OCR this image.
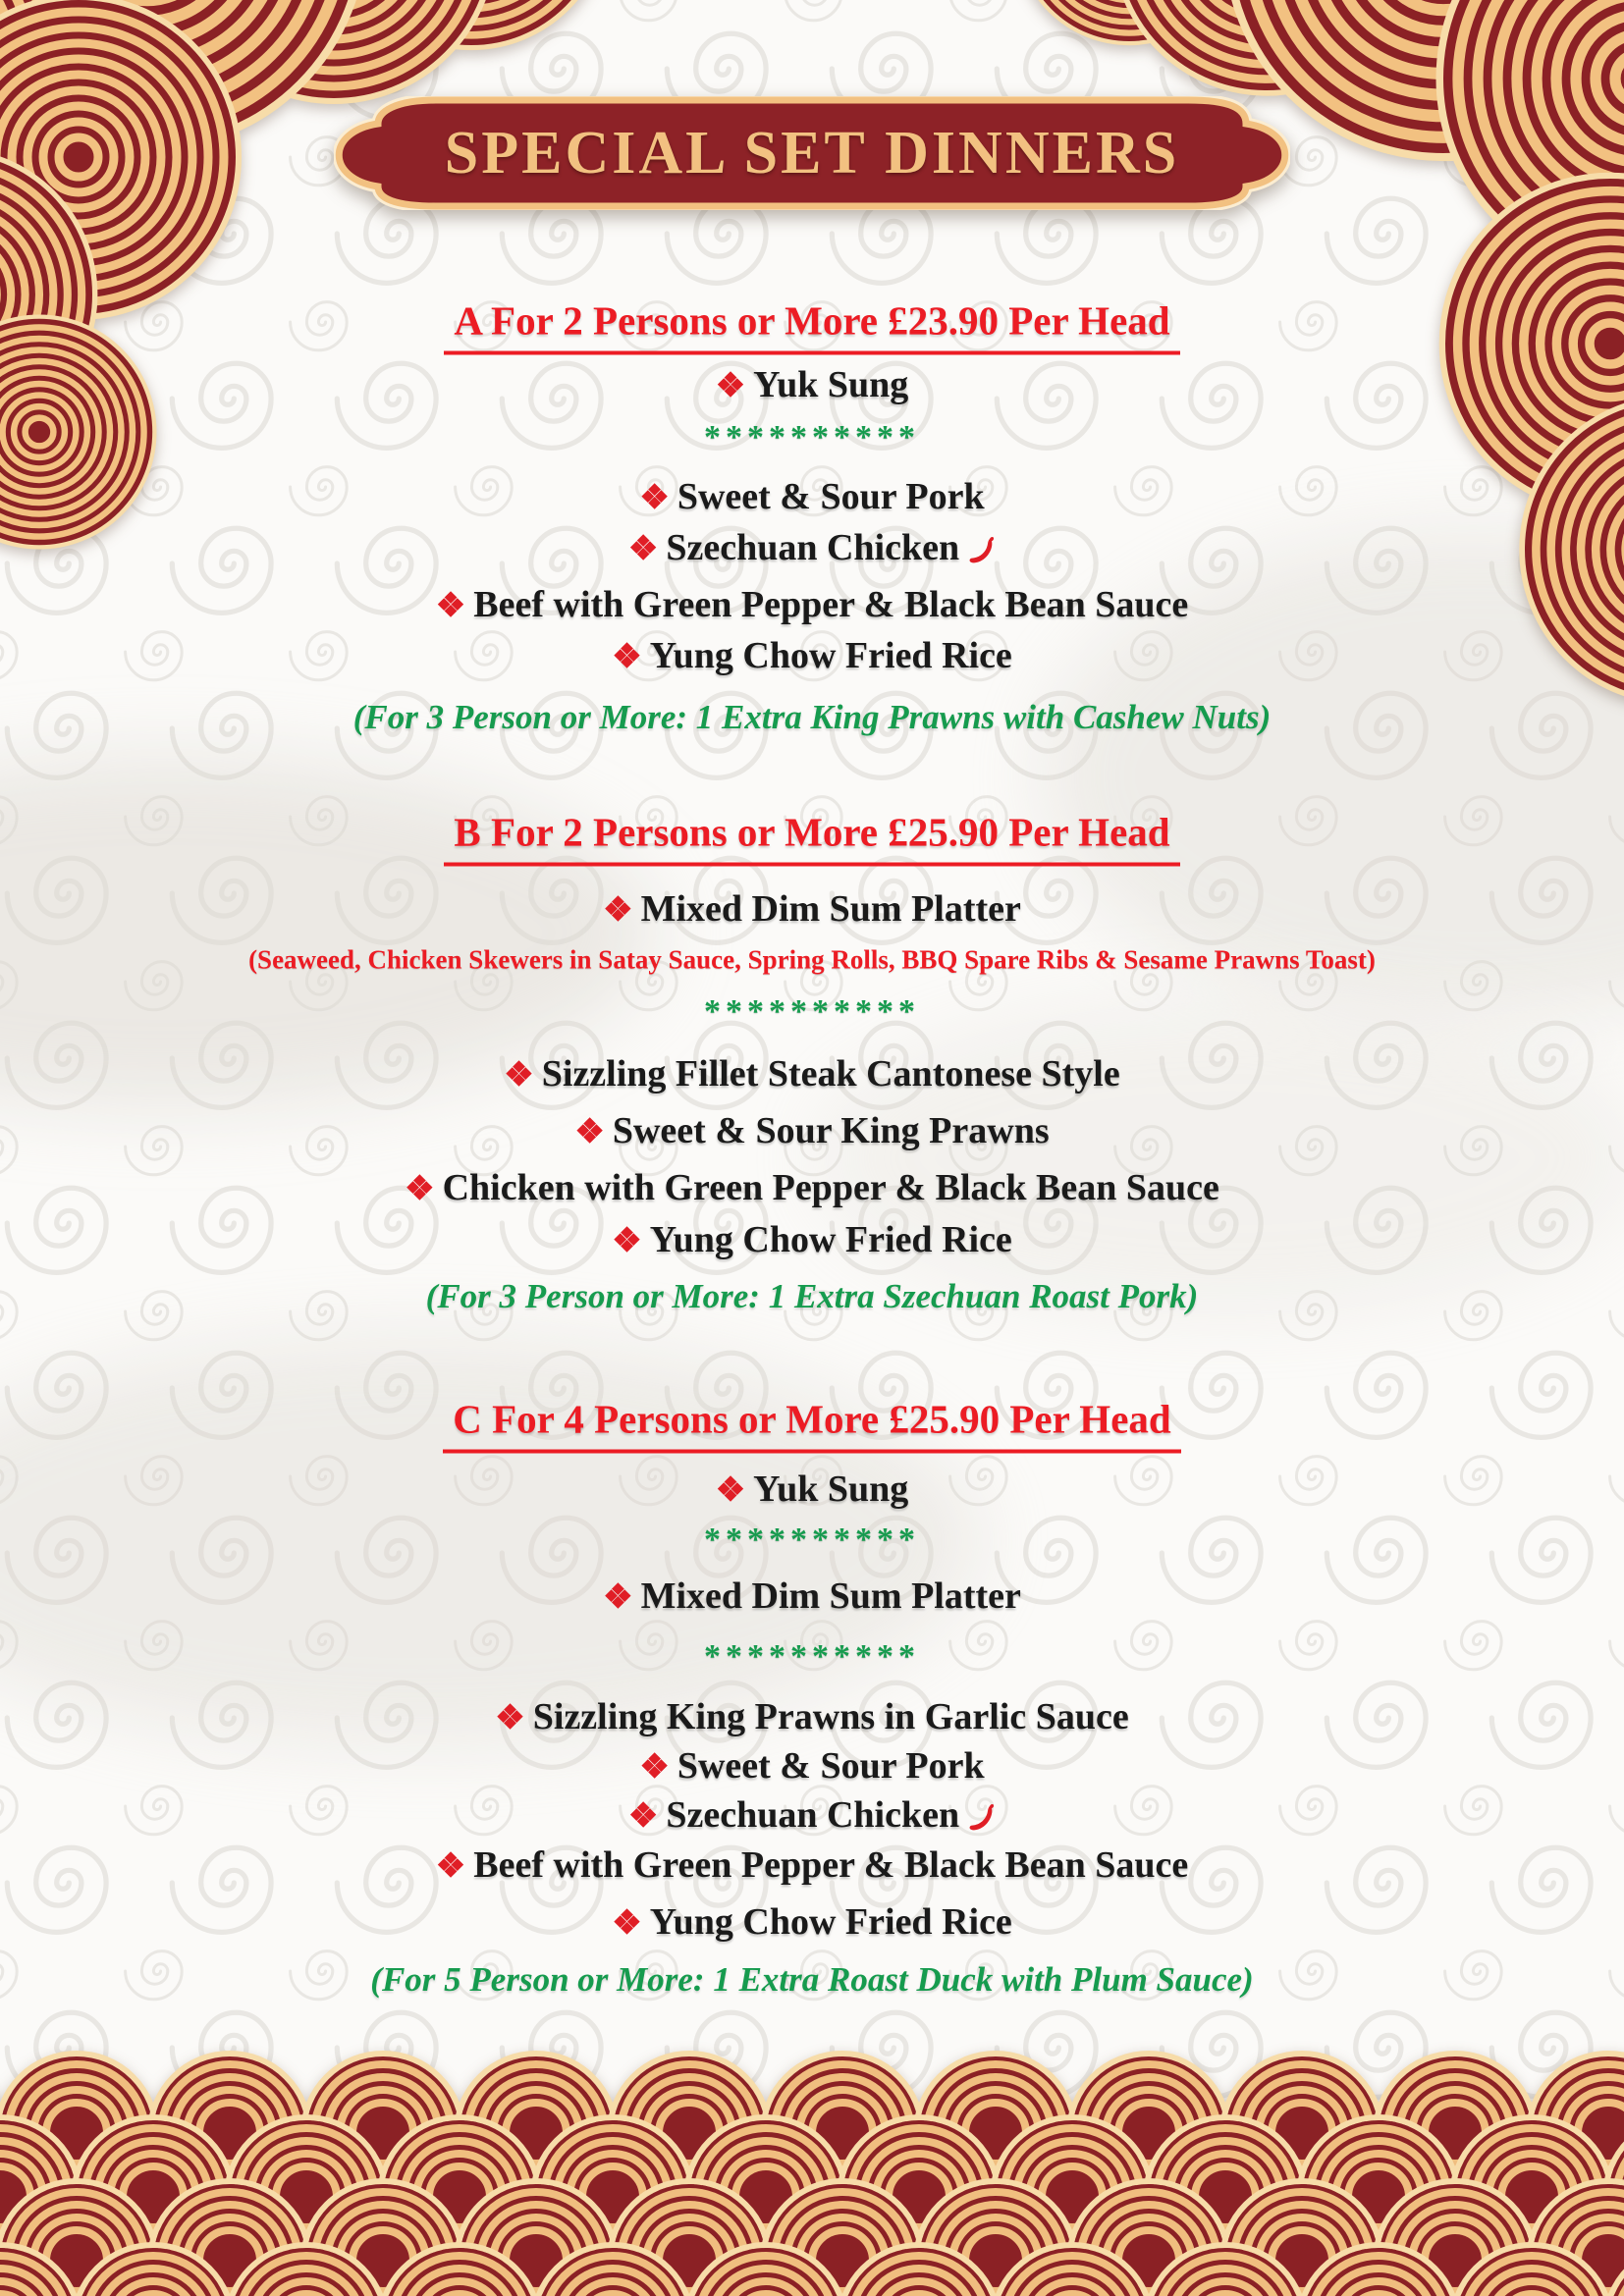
SPECIAL SET DINNERS
A For 2 Persons or More £23.90 Per Head
❖ Yuk Sung
**********
❖ Sweet & Sour Pork
❖ Szechuan Chicken
❖ Beef with Green Pepper & Black Bean Sauce
❖ Yung Chow Fried Rice
(For 3 Person or More: 1 Extra King Prawns with Cashew Nuts)
B For 2 Persons or More £25.90 Per Head
❖ Mixed Dim Sum Platter
(Seaweed, Chicken Skewers in Satay Sauce, Spring Rolls, BBQ Spare Ribs & Sesame Prawns Toast)
**********
❖ Sizzling Fillet Steak Cantonese Style
❖ Sweet & Sour King Prawns
❖ Chicken with Green Pepper & Black Bean Sauce
❖ Yung Chow Fried Rice
(For 3 Person or More: 1 Extra Szechuan Roast Pork)
C For 4 Persons or More £25.90 Per Head
❖ Yuk Sung
**********
❖ Mixed Dim Sum Platter
**********
❖ Sizzling King Prawns in Garlic Sauce
❖ Sweet & Sour Pork
❖ Szechuan Chicken
❖ Beef with Green Pepper & Black Bean Sauce
❖ Yung Chow Fried Rice
(For 5 Person or More: 1 Extra Roast Duck with Plum Sauce)
